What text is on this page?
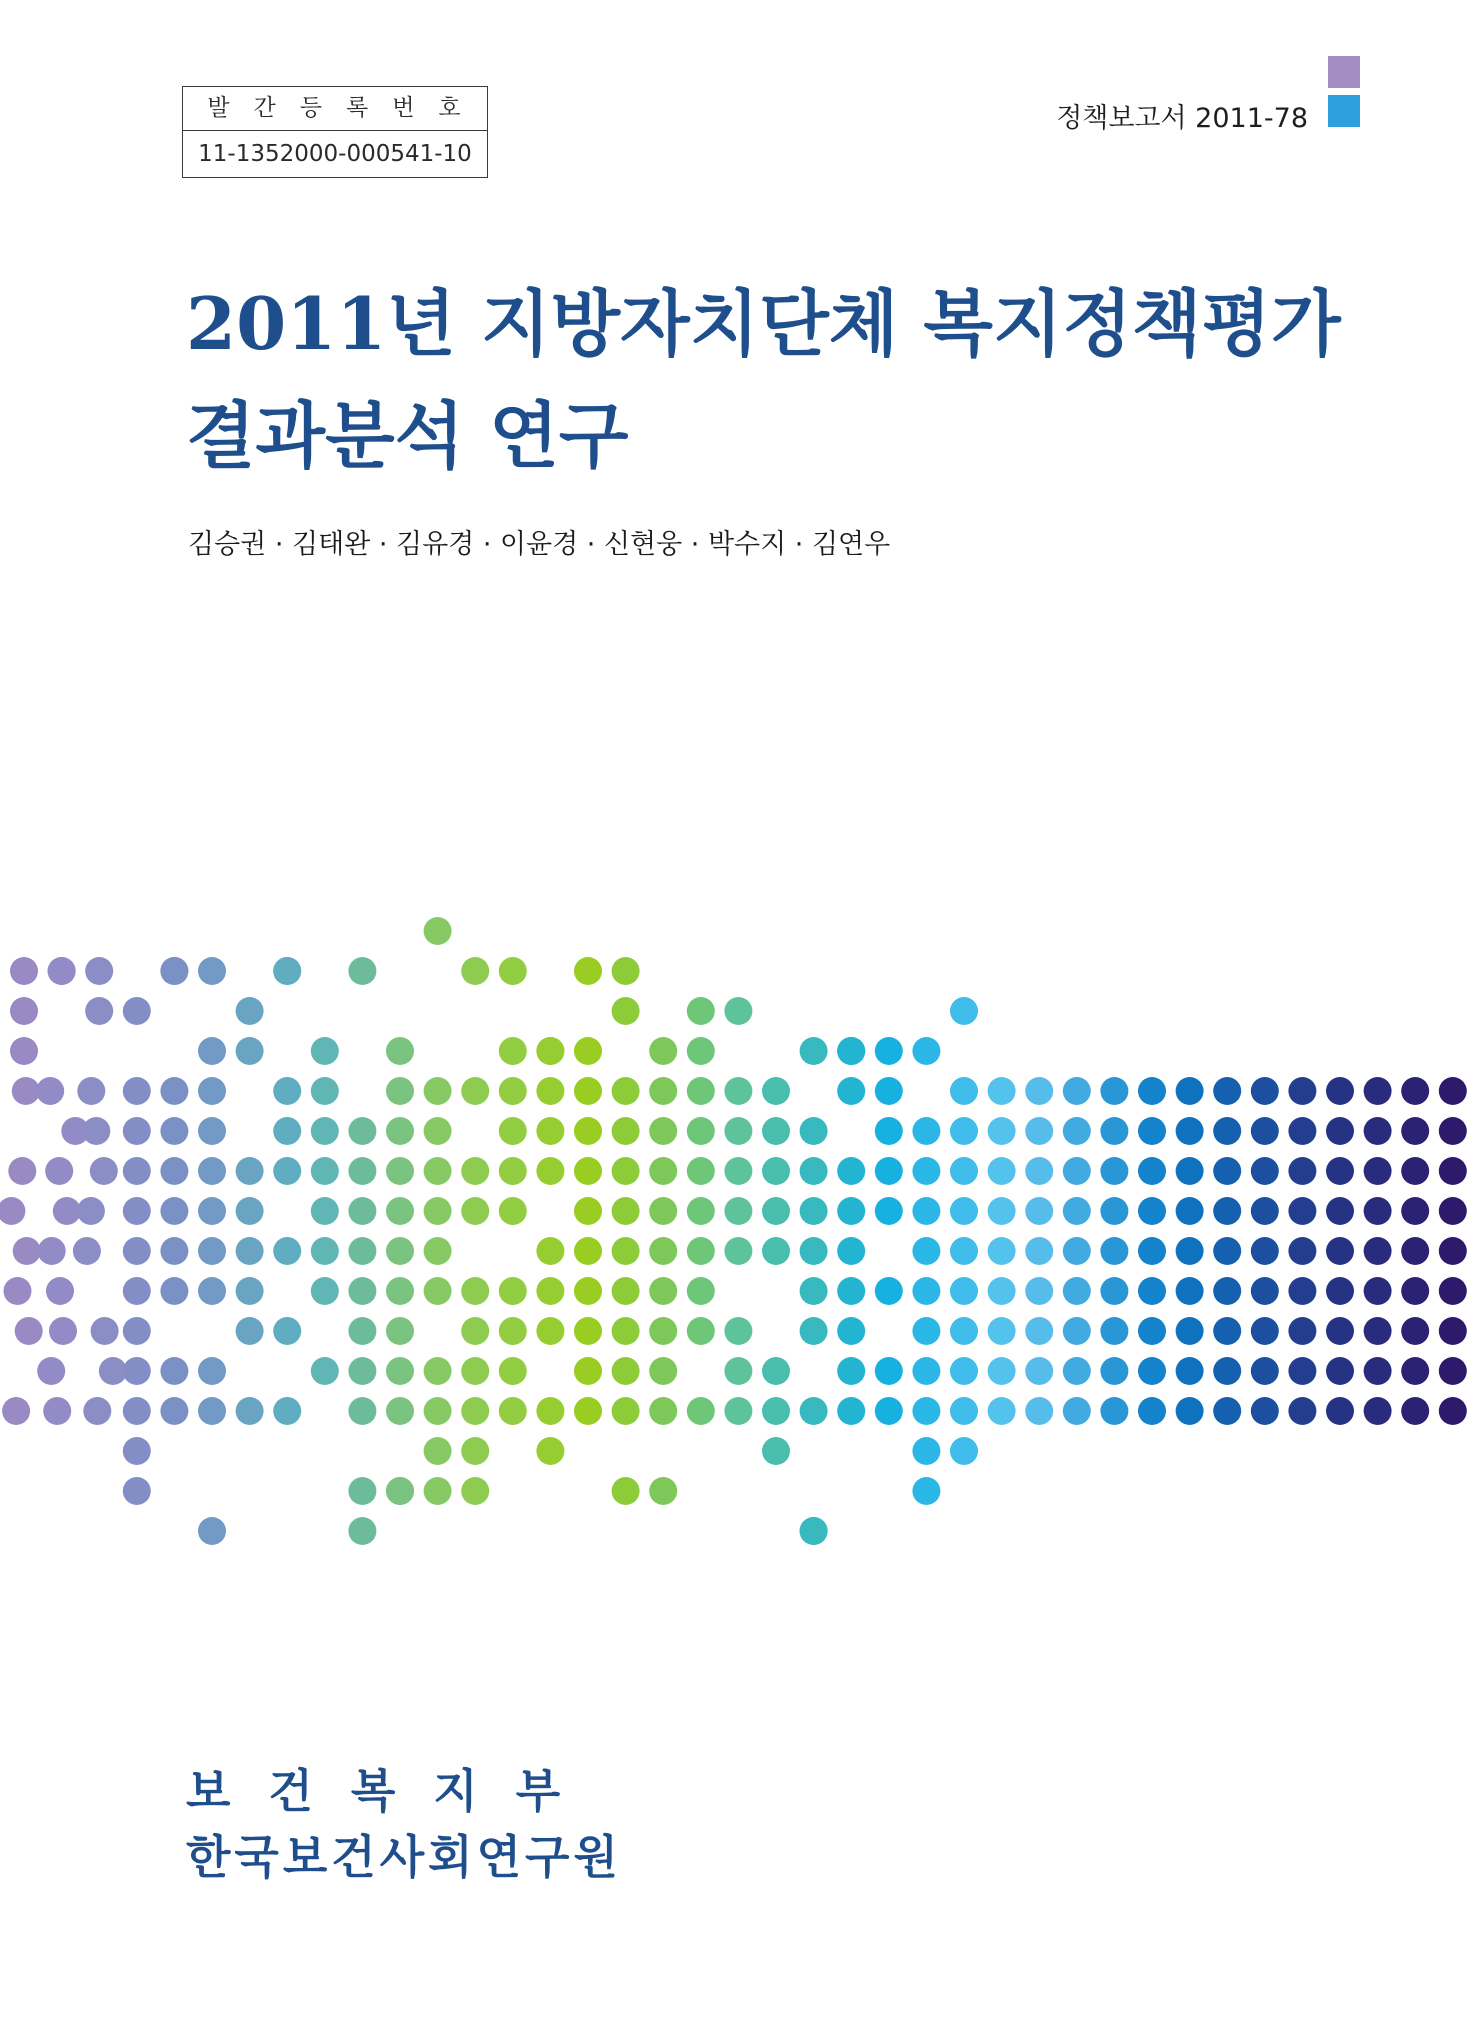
발간등록번호
11-1352000-000541-10
정책보고서 2011-78
2011년 지방자치단체 복지정책평가
결과분석 연구
김승권 · 김태완 · 김유경 · 이윤경 · 신현웅 · 박수지 · 김연우
보건복지부
한국보건사회연구원
